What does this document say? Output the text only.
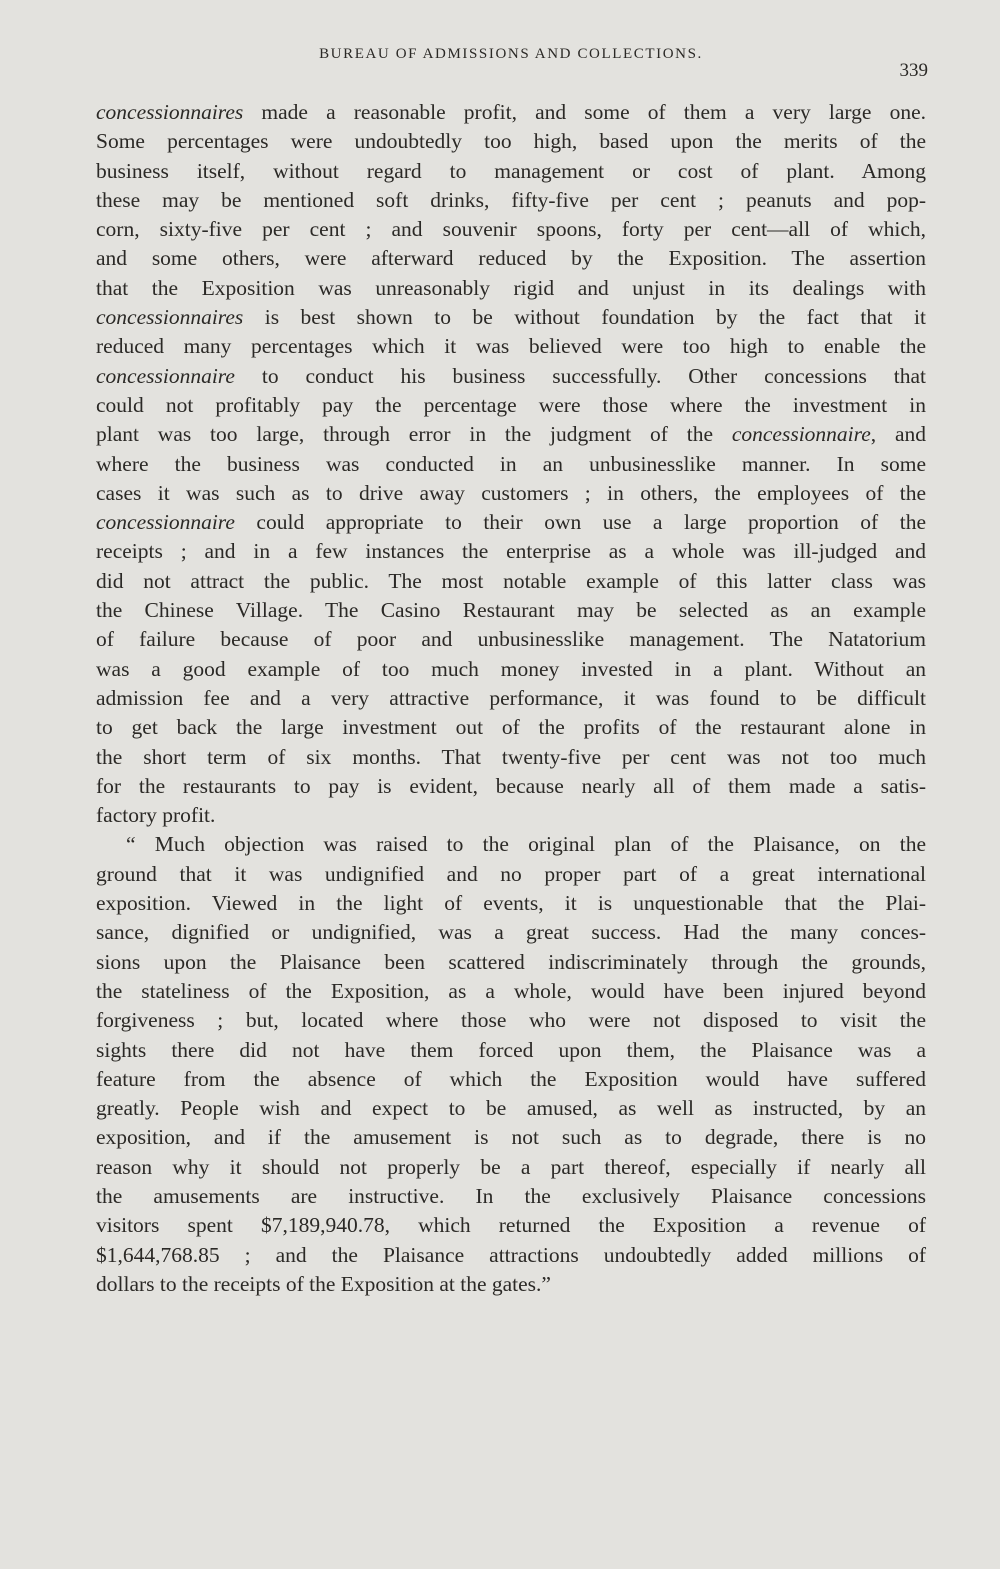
BUREAU OF ADMISSIONS AND COLLECTIONS.
339
concessionnaires made a reasonable profit, and some of them a very large one.
Some percentages were undoubtedly too high, based upon the merits of the
business itself, without regard to management or cost of plant. Among
these may be mentioned soft drinks, fifty-five per cent ; peanuts and pop-
corn, sixty-five per cent ; and souvenir spoons, forty per cent—all of which,
and some others, were afterward reduced by the Exposition. The assertion
that the Exposition was unreasonably rigid and unjust in its dealings with
concessionnaires is best shown to be without foundation by the fact that it
reduced many percentages which it was believed were too high to enable the
concessionnaire to conduct his business successfully. Other concessions that
could not profitably pay the percentage were those where the investment in
plant was too large, through error in the judgment of the concessionnaire, and
where the business was conducted in an unbusinesslike manner. In some
cases it was such as to drive away customers ; in others, the employees of the
concessionnaire could appropriate to their own use a large proportion of the
receipts ; and in a few instances the enterprise as a whole was ill-judged and
did not attract the public. The most notable example of this latter class was
the Chinese Village. The Casino Restaurant may be selected as an example
of failure because of poor and unbusinesslike management. The Natatorium
was a good example of too much money invested in a plant. Without an
admission fee and a very attractive performance, it was found to be difficult
to get back the large investment out of the profits of the restaurant alone in
the short term of six months. That twenty-five per cent was not too much
for the restaurants to pay is evident, because nearly all of them made a satis-
factory profit.
“ Much objection was raised to the original plan of the Plaisance, on the
ground that it was undignified and no proper part of a great international
exposition. Viewed in the light of events, it is unquestionable that the Plai-
sance, dignified or undignified, was a great success. Had the many conces-
sions upon the Plaisance been scattered indiscriminately through the grounds,
the stateliness of the Exposition, as a whole, would have been injured beyond
forgiveness ; but, located where those who were not disposed to visit the
sights there did not have them forced upon them, the Plaisance was a
feature from the absence of which the Exposition would have suffered
greatly. People wish and expect to be amused, as well as instructed, by an
exposition, and if the amusement is not such as to degrade, there is no
reason why it should not properly be a part thereof, especially if nearly all
the amusements are instructive. In the exclusively Plaisance concessions
visitors spent $7,189,940.78, which returned the Exposition a revenue of
$1,644,768.85 ; and the Plaisance attractions undoubtedly added millions of
dollars to the receipts of the Exposition at the gates.”
